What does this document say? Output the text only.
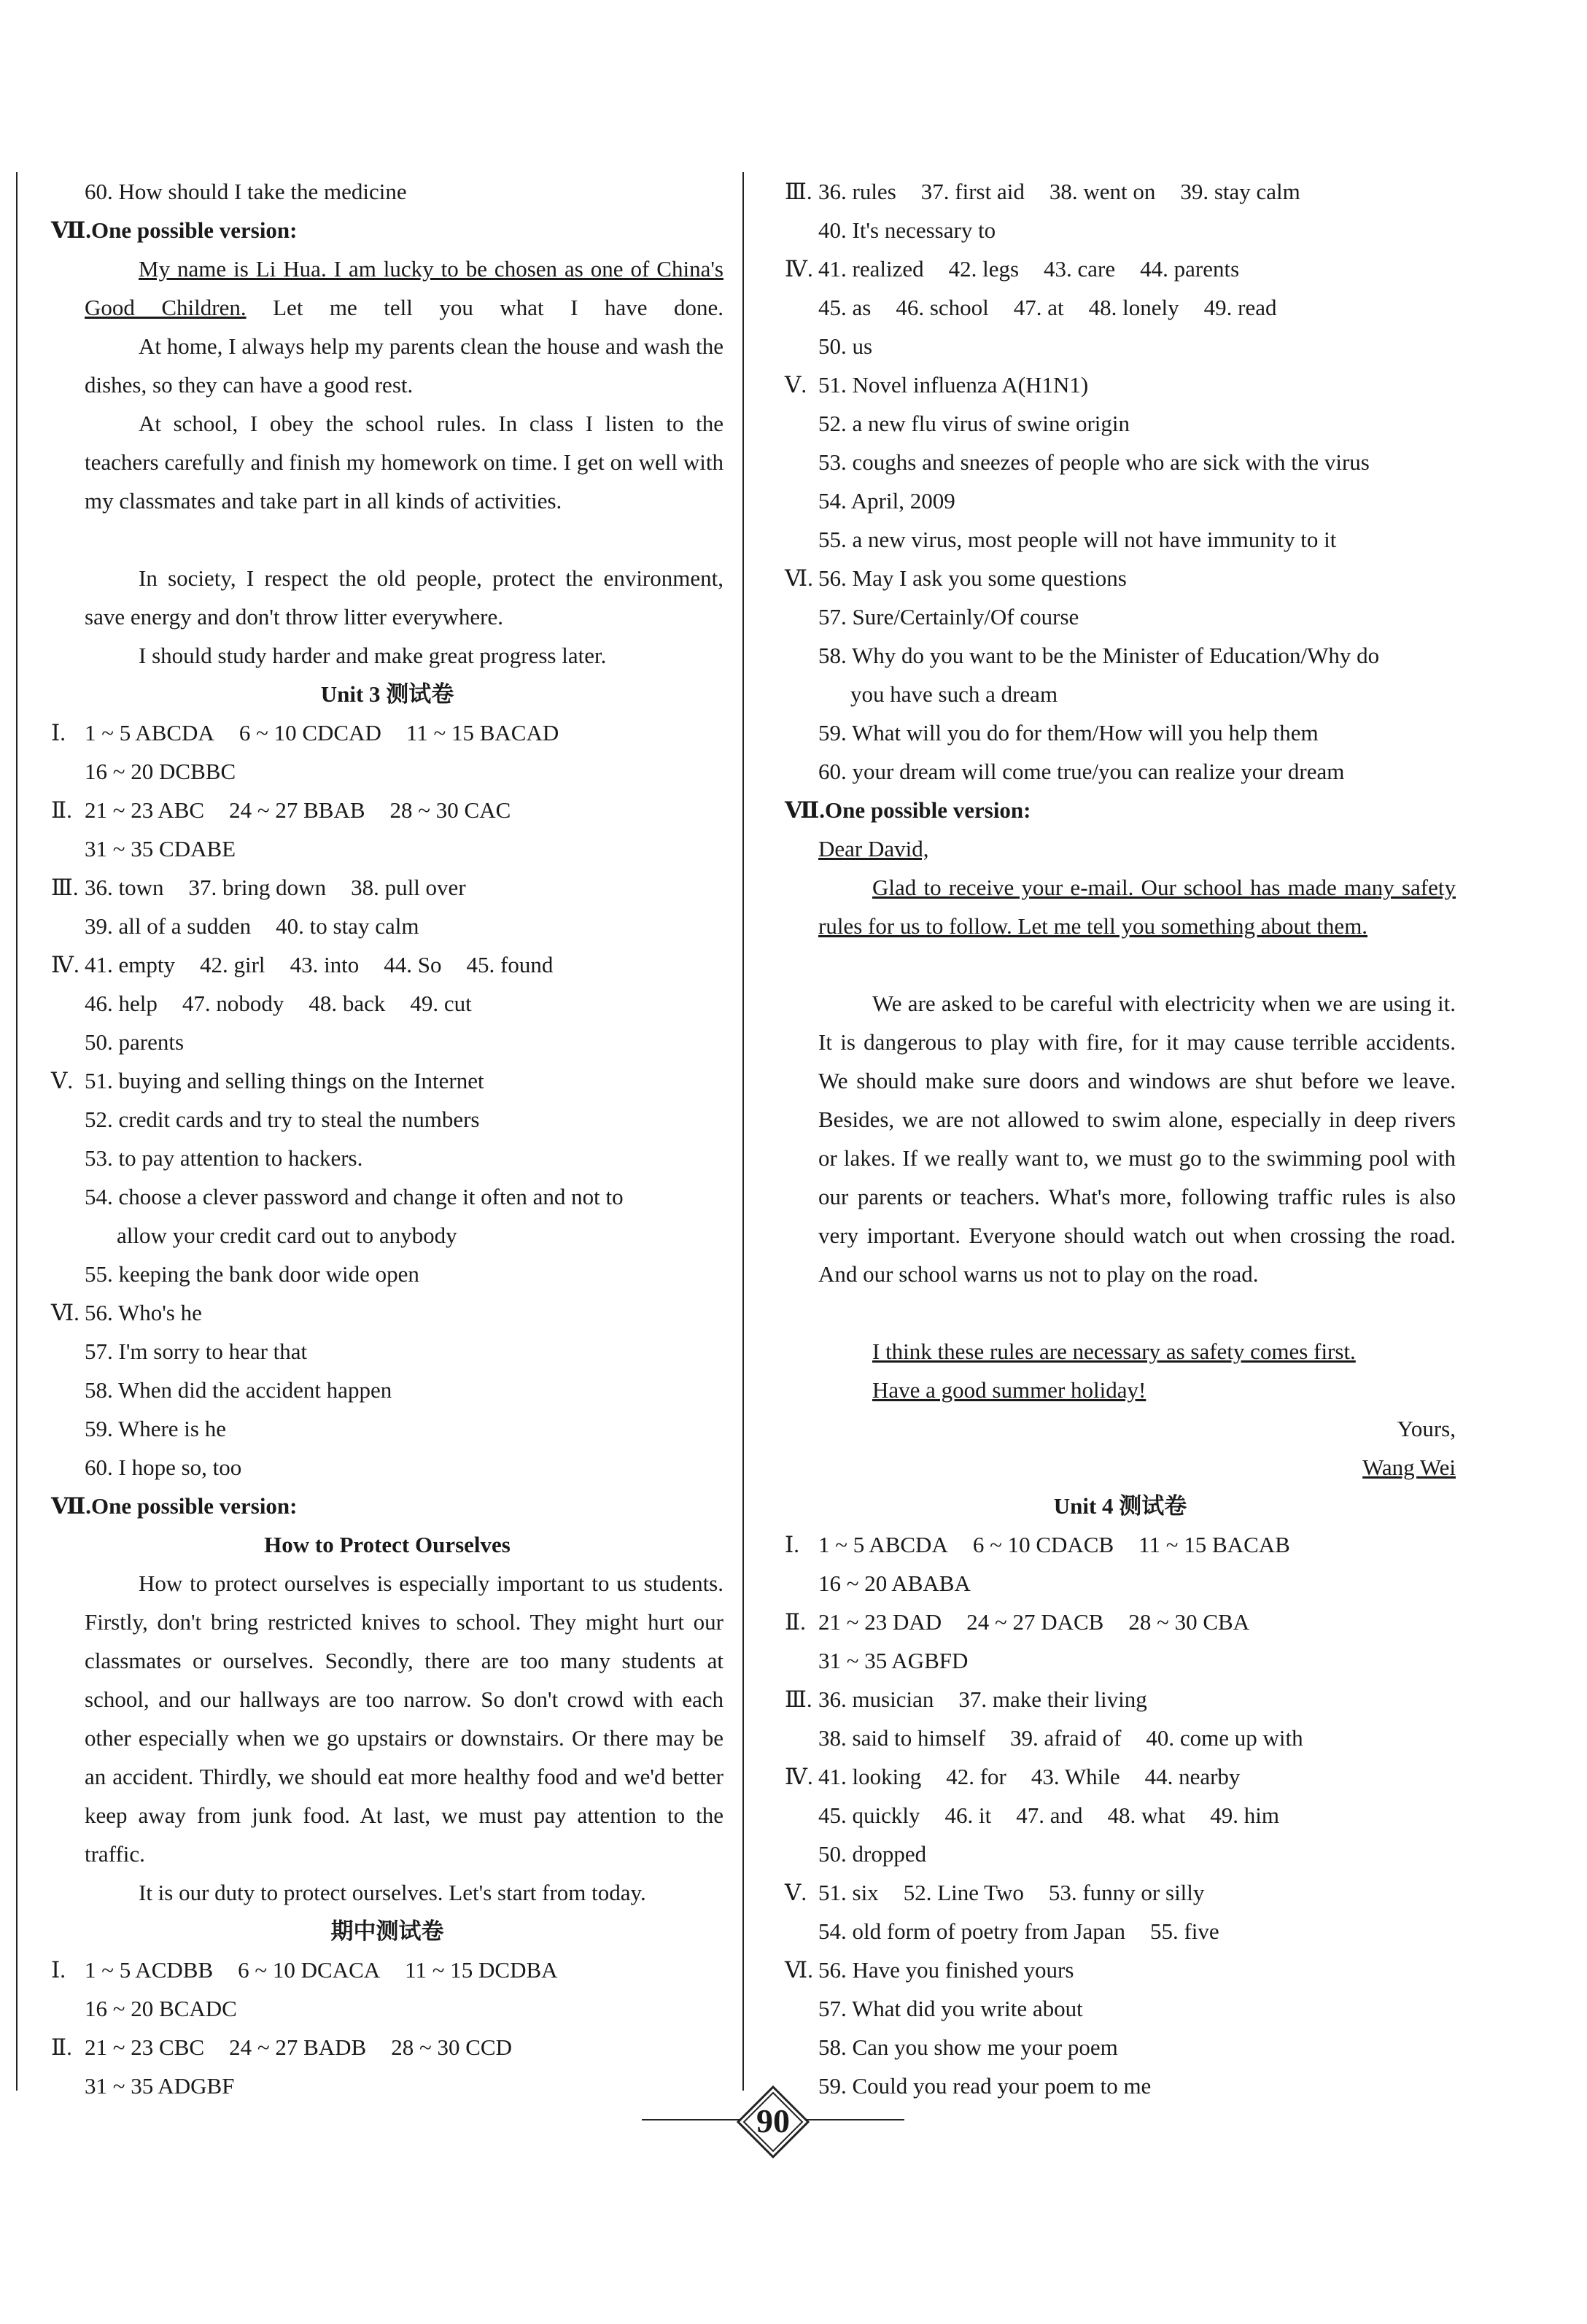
60. How should I take the medicine
Ⅶ.One possible version:
My name is Li Hua. I am lucky to be chosen as one of China's Good Children. Let me tell you what I have done.
At home, I always help my parents clean the house and wash the dishes, so they can have a good rest.
At school, I obey the school rules. In class I listen to the teachers carefully and finish my homework on time. I get on well with my classmates and take part in all kinds of activities.
In society, I respect the old people, protect the environment, save energy and don't throw litter everywhere.
I should study harder and make great progress later.
Unit 3 测试卷
Ⅰ. 1 ~ 5 ABCDA 6 ~ 10 CDCAD 11 ~ 15 BACAD
16 ~ 20 DCBBC
Ⅱ. 21 ~ 23 ABC 24 ~ 27 BBAB 28 ~ 30 CAC
31 ~ 35 CDABE
Ⅲ. 36. town 37. bring down 38. pull over
39. all of a sudden 40. to stay calm
Ⅳ. 41. empty 42. girl 43. into 44. So 45. found
46. help 47. nobody 48. back 49. cut
50. parents
Ⅴ. 51. buying and selling things on the Internet
52. credit cards and try to steal the numbers
53. to pay attention to hackers.
54. choose a clever password and change it often and not to
allow your credit card out to anybody
55. keeping the bank door wide open
Ⅵ. 56. Who's he
57. I'm sorry to hear that
58. When did the accident happen
59. Where is he
60. I hope so, too
Ⅶ.One possible version:
How to Protect Ourselves
How to protect ourselves is especially important to us students. Firstly, don't bring restricted knives to school. They might hurt our classmates or ourselves. Secondly, there are too many students at school, and our hallways are too narrow. So don't crowd with each other especially when we go upstairs or downstairs. Or there may be an accident. Thirdly, we should eat more healthy food and we'd better keep away from junk food. At last, we must pay attention to the traffic.
It is our duty to protect ourselves. Let's start from today.
期中测试卷
Ⅰ. 1 ~ 5 ACDBB 6 ~ 10 DCACA 11 ~ 15 DCDBA
16 ~ 20 BCADC
Ⅱ. 21 ~ 23 CBC 24 ~ 27 BADB 28 ~ 30 CCD
31 ~ 35 ADGBF
Ⅲ. 36. rules 37. first aid 38. went on 39. stay calm
40. It's necessary to
Ⅳ. 41. realized 42. legs 43. care 44. parents
45. as 46. school 47. at 48. lonely 49. read
50. us
Ⅴ. 51. Novel influenza A(H1N1)
52. a new flu virus of swine origin
53. coughs and sneezes of people who are sick with the virus
54. April, 2009
55. a new virus, most people will not have immunity to it
Ⅵ. 56. May I ask you some questions
57. Sure/Certainly/Of course
58. Why do you want to be the Minister of Education/Why do
you have such a dream
59. What will you do for them/How will you help them
60. your dream will come true/you can realize your dream
Ⅶ.One possible version:
Dear David,
Glad to receive your e-mail. Our school has made many safety rules for us to follow. Let me tell you something about them.
We are asked to be careful with electricity when we are using it. It is dangerous to play with fire, for it may cause terrible accidents. We should make sure doors and windows are shut before we leave. Besides, we are not allowed to swim alone, especially in deep rivers or lakes. If we really want to, we must go to the swimming pool with our parents or teachers. What's more, following traffic rules is also very important. Everyone should watch out when crossing the road. And our school warns us not to play on the road.
I think these rules are necessary as safety comes first.
Have a good summer holiday!
Yours,
Wang Wei
Unit 4 测试卷
Ⅰ. 1 ~ 5 ABCDA 6 ~ 10 CDACB 11 ~ 15 BACAB
16 ~ 20 ABABA
Ⅱ. 21 ~ 23 DAD 24 ~ 27 DACB 28 ~ 30 CBA
31 ~ 35 AGBFD
Ⅲ. 36. musician 37. make their living
38. said to himself 39. afraid of 40. come up with
Ⅳ. 41. looking 42. for 43. While 44. nearby
45. quickly 46. it 47. and 48. what 49. him
50. dropped
Ⅴ. 51. six 52. Line Two 53. funny or silly
54. old form of poetry from Japan 55. five
Ⅵ. 56. Have you finished yours
57. What did you write about
58. Can you show me your poem
59. Could you read your poem to me
90
